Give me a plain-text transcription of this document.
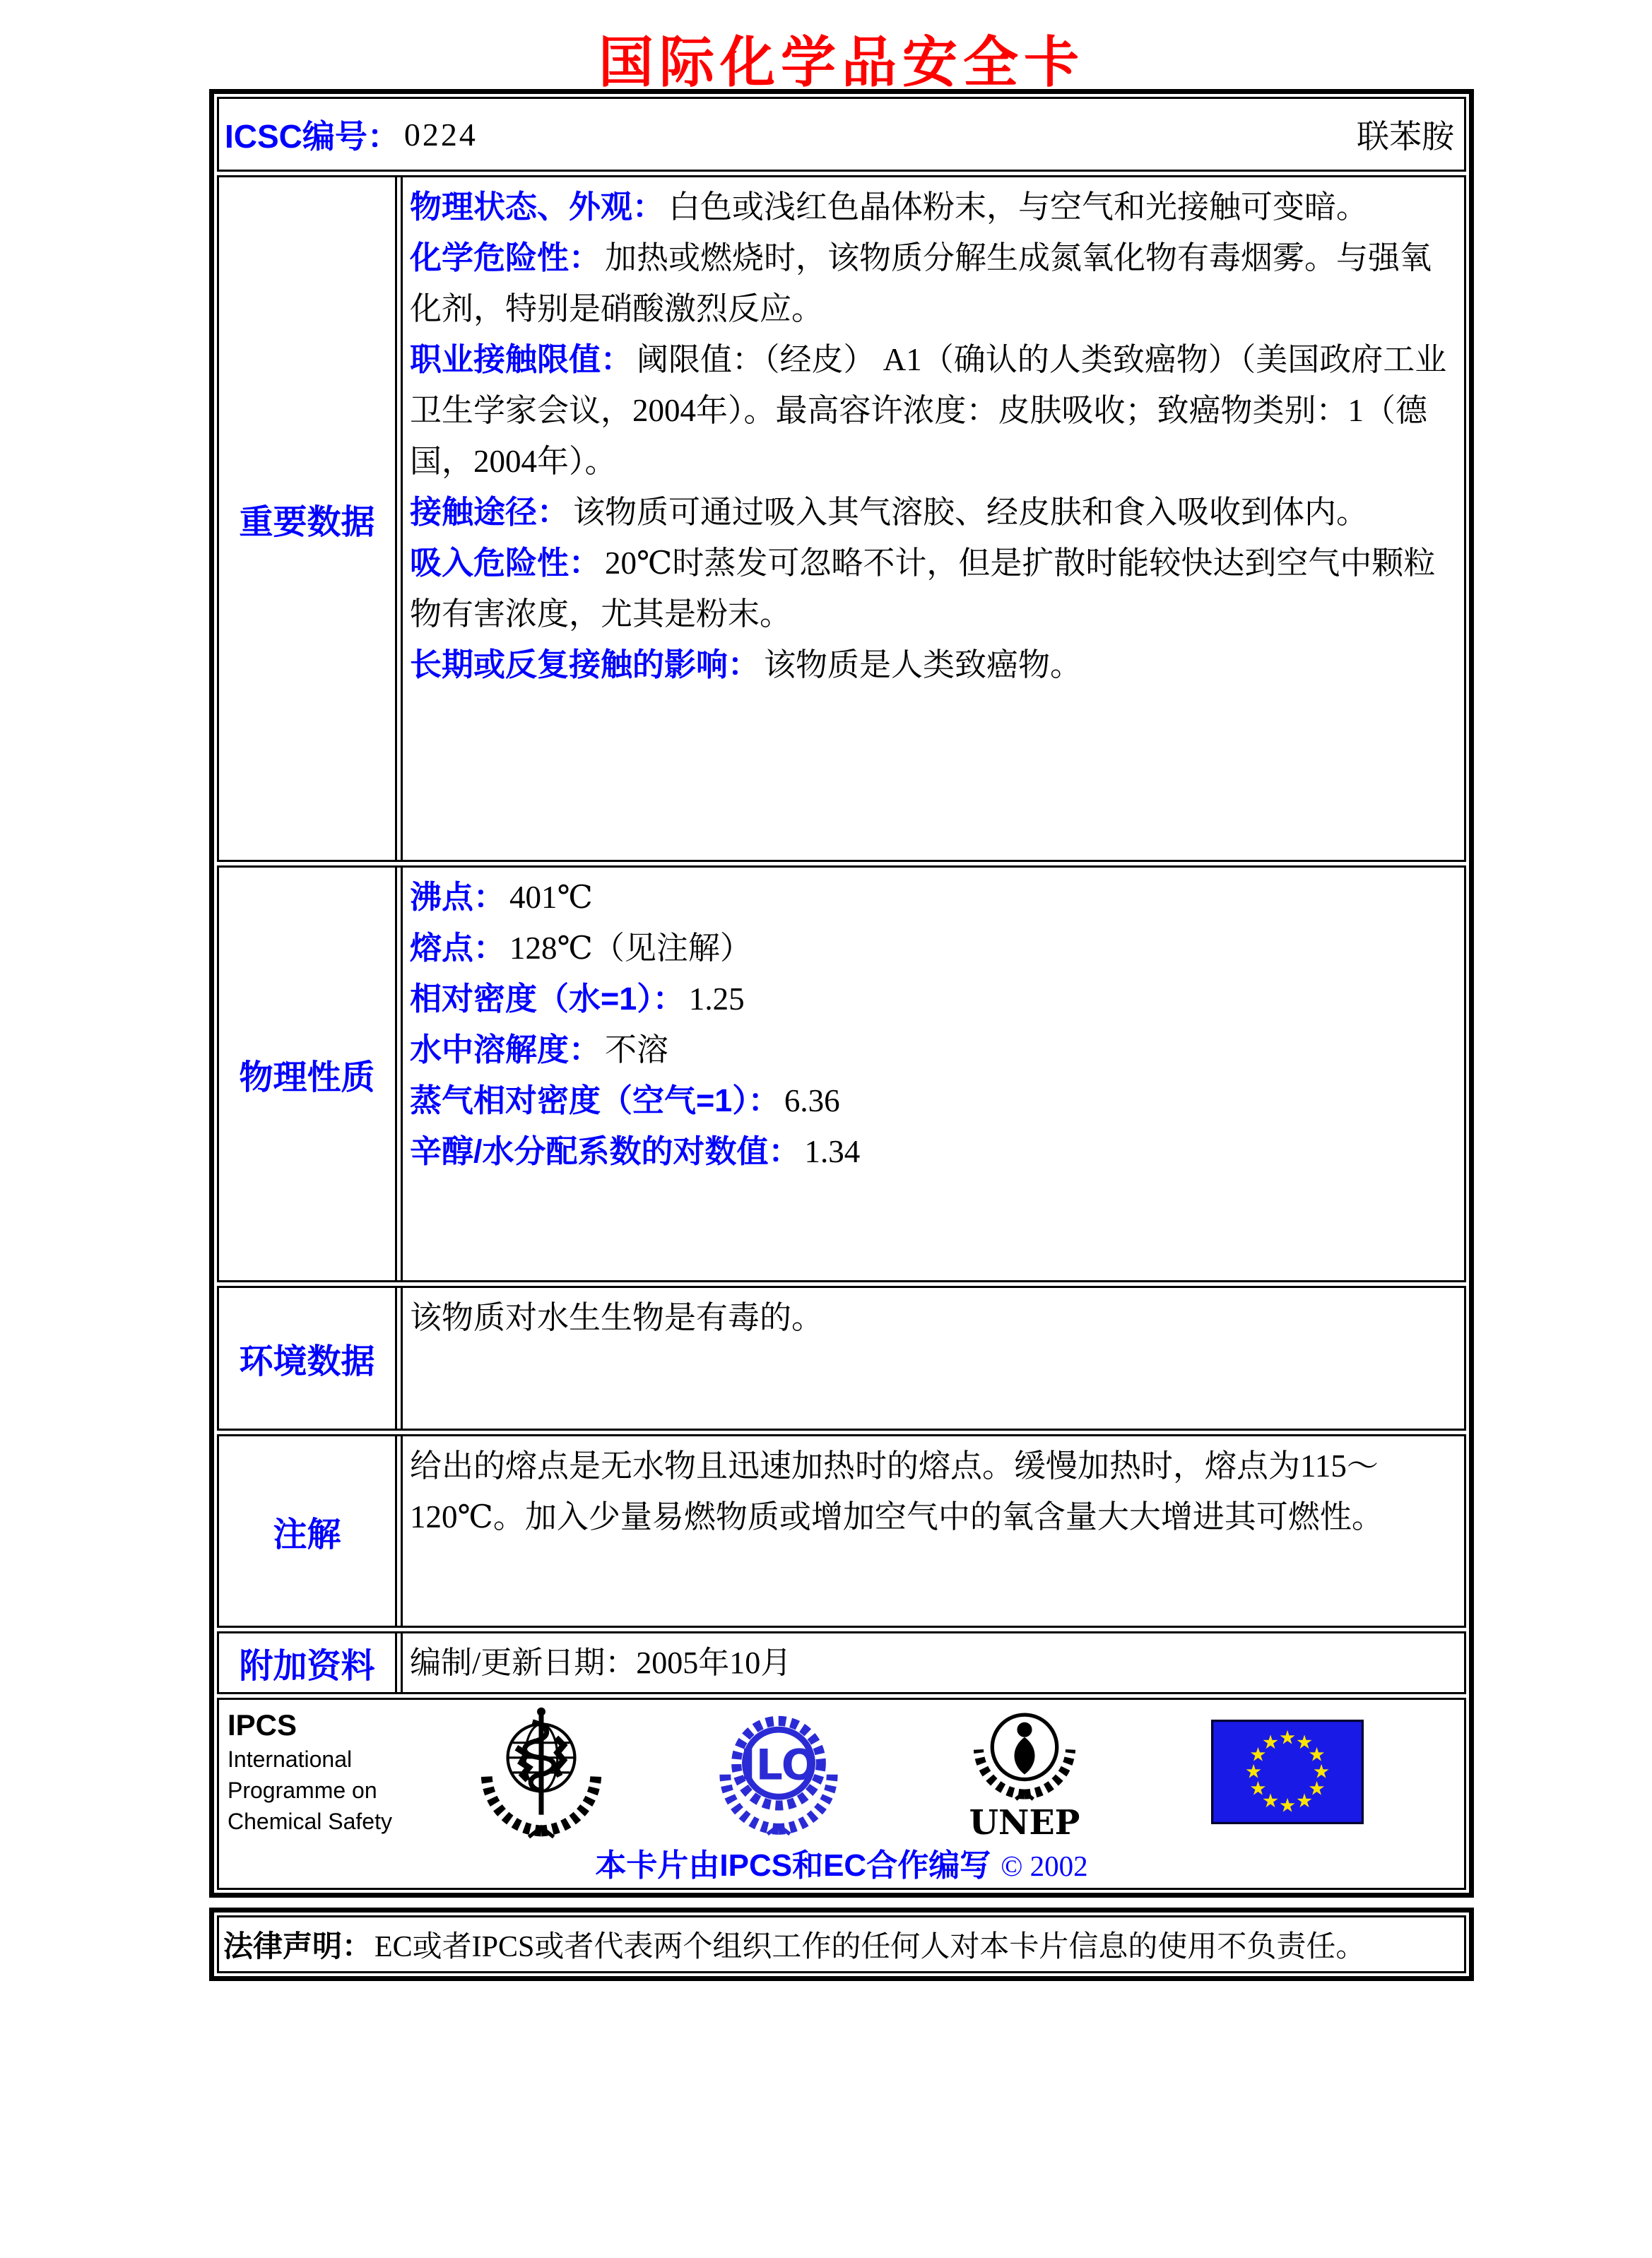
国际化学品安全卡
ICSC编号： 0224	联苯胺
重要数据

物理状态、外观： 白色或浅红色晶体粉末，与空气和光接触可变暗。

化学危险性： 加热或燃烧时，该物质分解生成氮氧化物有毒烟雾。与强氧化剂，特别是硝酸激烈反应。

职业接触限值： 阈限值：（经皮） A1（确认的人类致癌物）（美国政府工业卫生学家会议，2004年）。最高容许浓度：皮肤吸收；致癌物类别：1（德国，2004年）。

接触途径： 该物质可通过吸入其气溶胶、经皮肤和食入吸收到体内。

吸入危险性： 20℃时蒸发可忽略不计，但是扩散时能较快达到空气中颗粒物有害浓度，尤其是粉末。

长期或反复接触的影响： 该物质是人类致癌物。

物理性质

沸点： 401℃

熔点： 128℃（见注解）

相对密度（水=1）： 1.25

水中溶解度： 不溶

蒸气相对密度（空气=1）： 6.36

辛醇/水分配系数的对数值： 1.34

环境数据

该物质对水生生物是有毒的。

注解

给出的熔点是无水物且迅速加热时的熔点。缓慢加热时，熔点为115～120℃。加入少量易燃物质或增加空气中的氧含量大大增进其可燃性。

附加资料 编制/更新日期：2005年10月

IPCS
International
Programme on
Chemical Safety
ILO
UNEP
★ ★
★
★
★
★
★
★
★
★
★
★
本卡片由IPCS和EC合作编写 © 2002
法律声明： EC或者IPCS或者代表两个组织工作的任何人对本卡片信息的使用不负责任。
